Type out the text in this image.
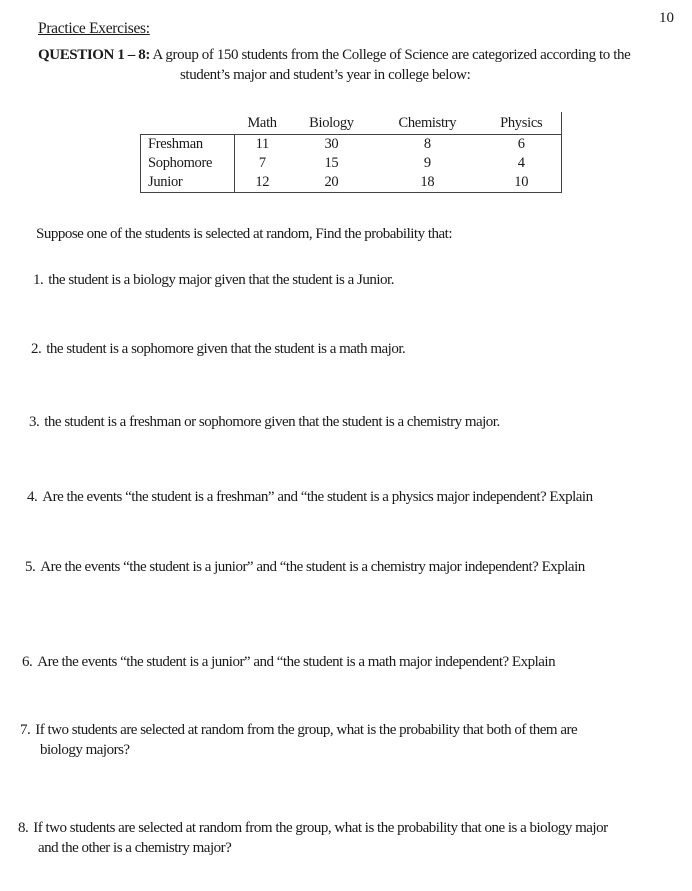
10
Practice Exercises:
QUESTION 1 – 8: A group of 150 students from the College of Science are categorized according to the
student’s major and student’s year in college below:
	Math	Biology	Chemistry	Physics
Freshman	11	30	8	6
Sophomore	7	15	9	4
Junior	12	20	18	10
Suppose one of the students is selected at random, Find the probability that:
1. the student is a biology major given that the student is a Junior.
2. the student is a sophomore given that the student is a math major.
3. the student is a freshman or sophomore given that the student is a chemistry major.
4. Are the events “the student is a freshman” and “the student is a physics major independent? Explain
5. Are the events “the student is a junior” and “the student is a chemistry major independent? Explain
6. Are the events “the student is a junior” and “the student is a math major independent? Explain
7. If two students are selected at random from the group, what is the probability that both of them are
biology majors?
8. If two students are selected at random from the group, what is the probability that one is a biology major
and the other is a chemistry major?
